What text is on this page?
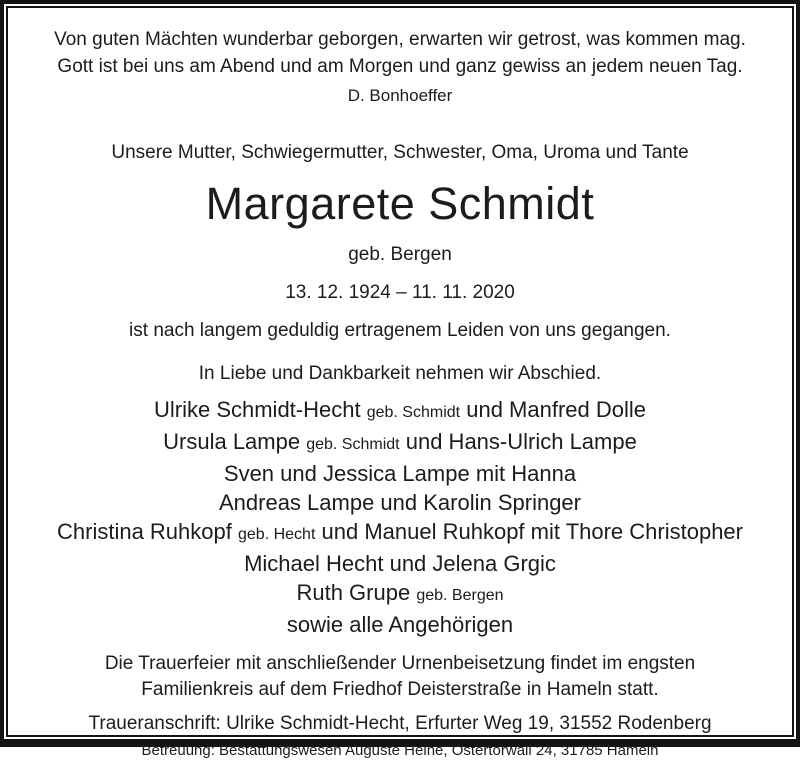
Von guten Mächten wunderbar geborgen, erwarten wir getrost, was kommen mag.
Gott ist bei uns am Abend und am Morgen und ganz gewiss an jedem neuen Tag.

D. Bonhoeffer

Unsere Mutter, Schwiegermutter, Schwester, Oma, Uroma und Tante

Margarete Schmidt

geb. Bergen

13. 12. 1924 – 11. 11. 2020

ist nach langem geduldig ertragenem Leiden von uns gegangen.

In Liebe und Dankbarkeit nehmen wir Abschied.

Ulrike Schmidt-Hecht geb. Schmidt und Manfred Dolle
Ursula Lampe geb. Schmidt und Hans-Ulrich Lampe
Sven und Jessica Lampe mit Hanna
Andreas Lampe und Karolin Springer
Christina Ruhkopf geb. Hecht und Manuel Ruhkopf mit Thore Christopher
Michael Hecht und Jelena Grgic
Ruth Grupe geb. Bergen
sowie alle Angehörigen

Die Trauerfeier mit anschließender Urnenbeisetzung findet im engsten
Familienkreis auf dem Friedhof Deisterstraße in Hameln statt.

Traueranschrift: Ulrike Schmidt-Hecht, Erfurter Weg 19, 31552 Rodenberg

Betreuung: Bestattungswesen Auguste Heine, Ostertorwall 24, 31785 Hameln
